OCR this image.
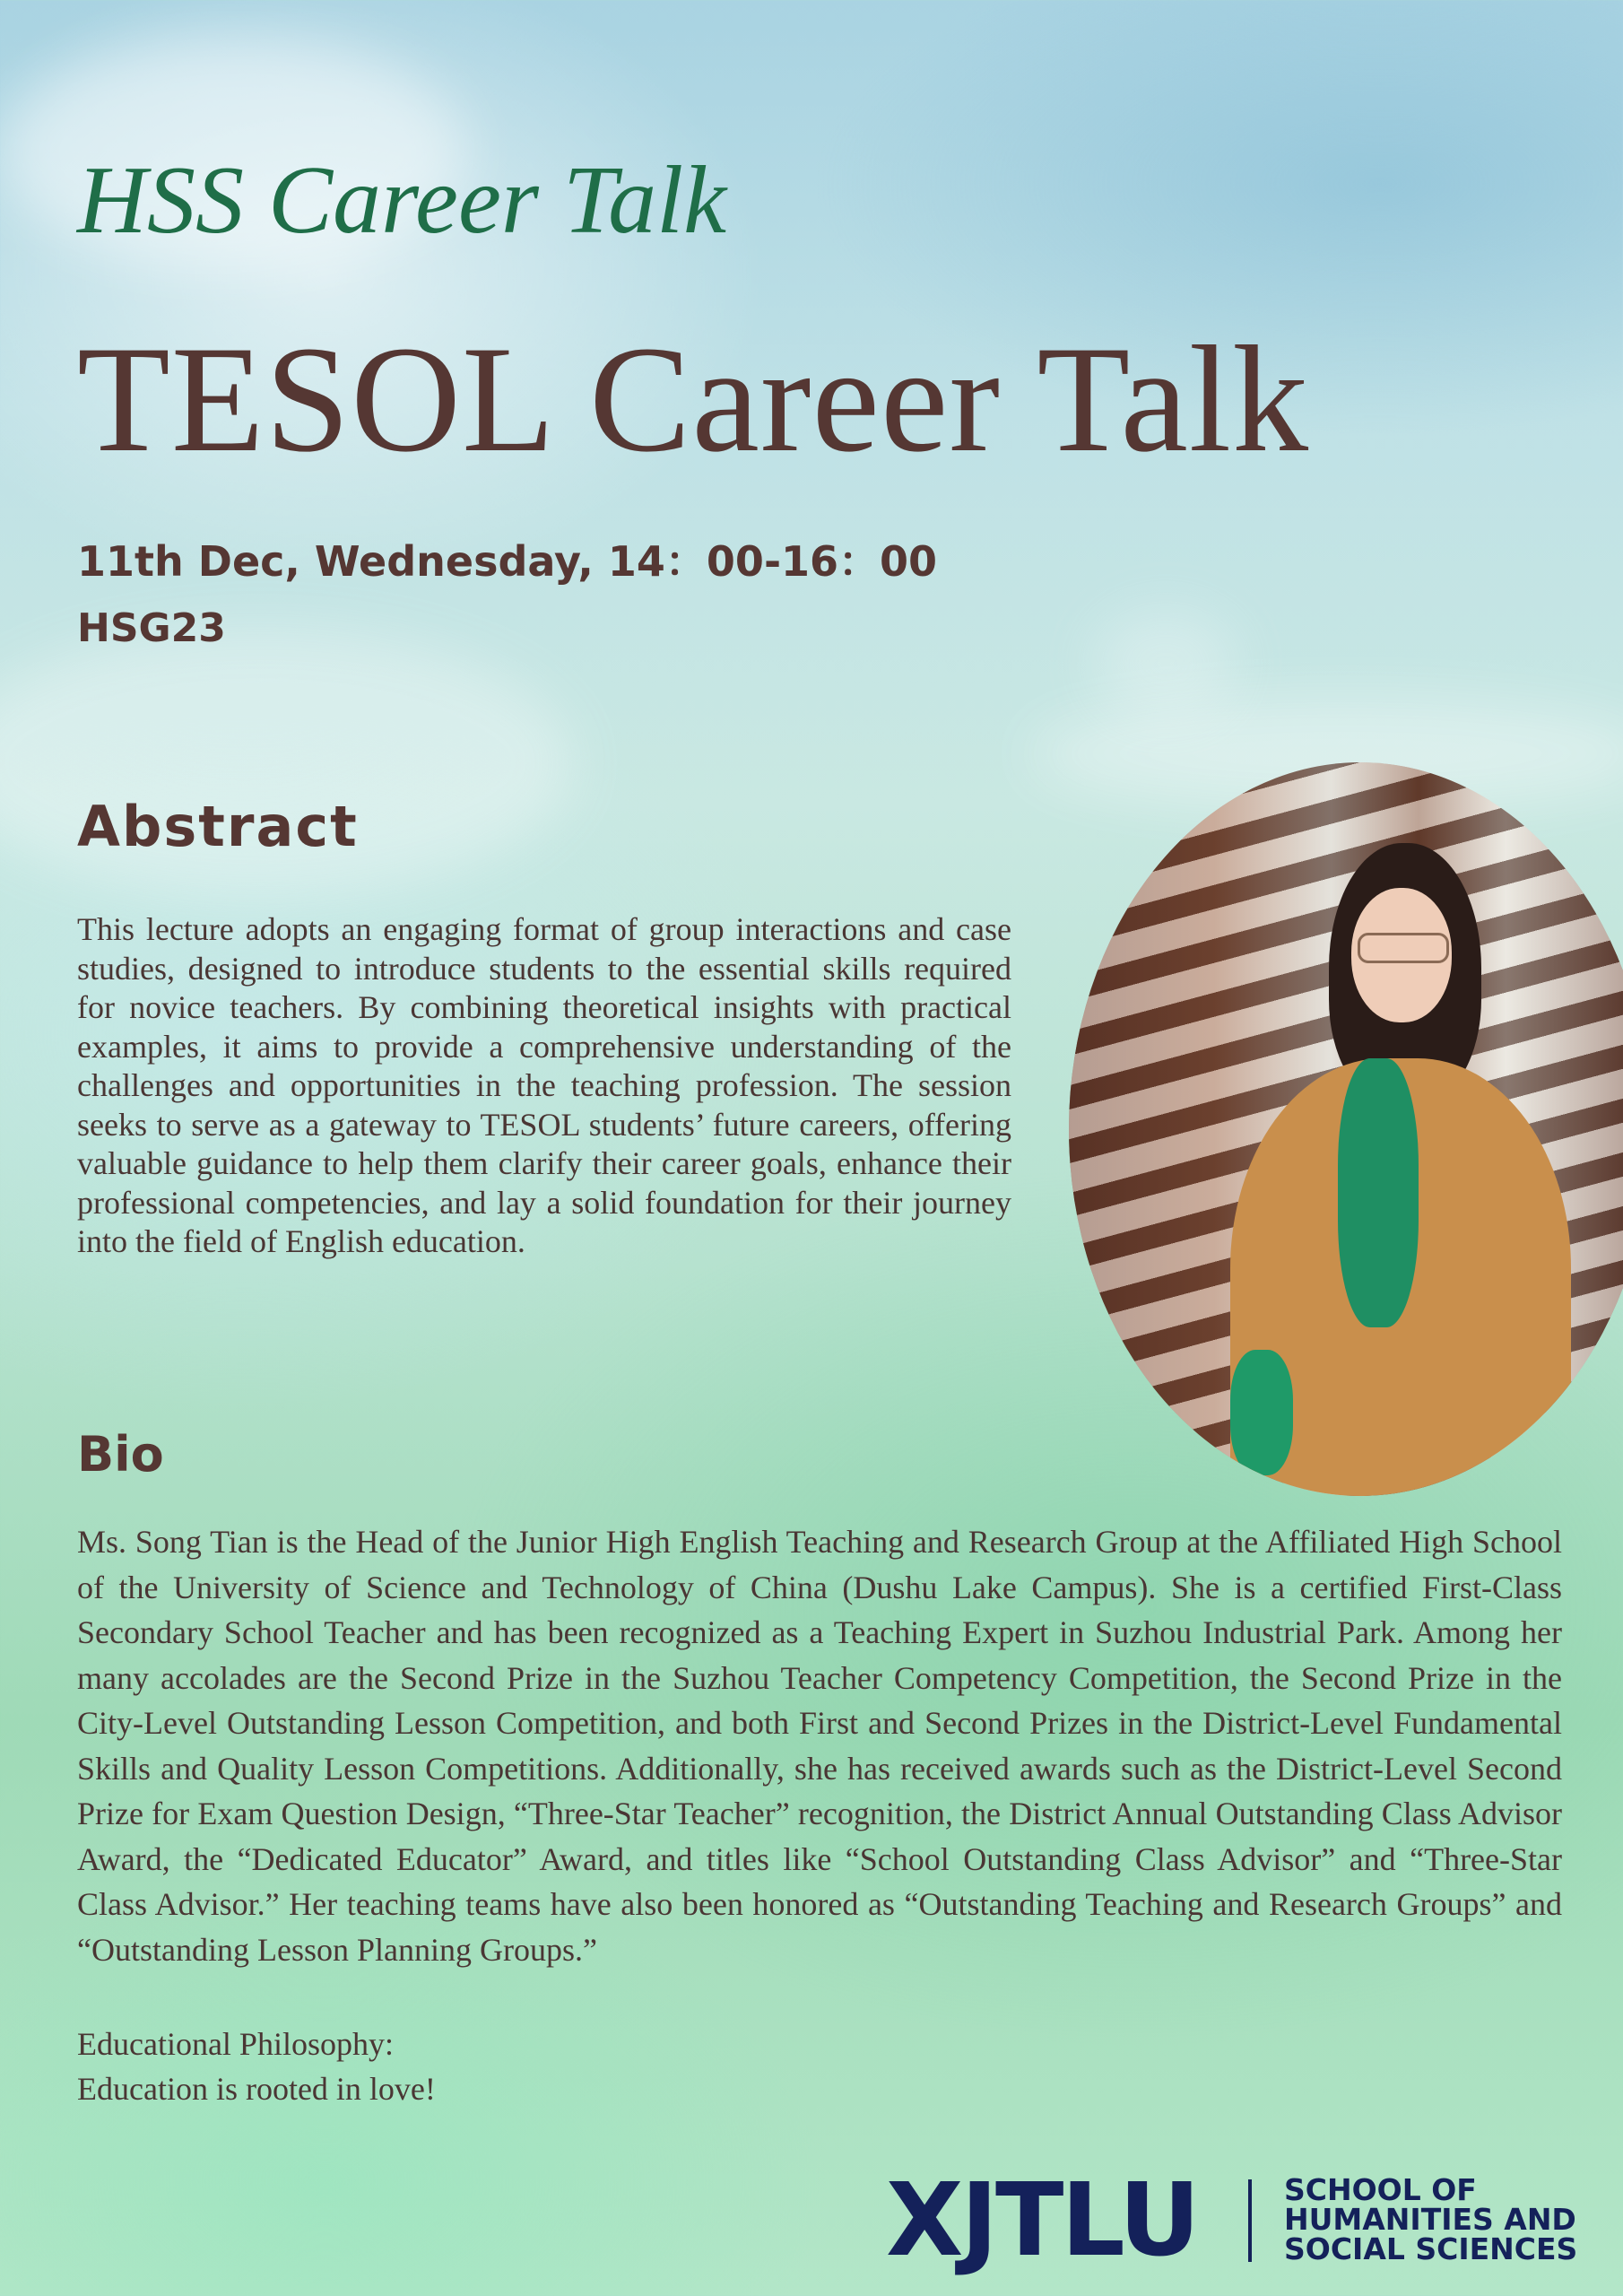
HSS Career Talk
TESOL Career Talk
11th Dec, Wednesday, 14：00-16：00
HSG23
Abstract

This lecture adopts an engaging format of group interactions and case studies, designed to introduce students to the essential skills required for novice teachers. By combining theoretical insights with practical examples, it aims to provide a comprehensive understanding of the challenges and opportunities in the teaching profession. The session seeks to serve as a gateway to TESOL students’ future careers, offering valuable guidance to help them clarify their career goals, enhance their professional competencies, and lay a solid foundation for their journey into the field of English education.

Bio

Ms. Song Tian is the Head of the Junior High English Teaching and Research Group at the Affiliated High School of the University of Science and Technology of China (Dushu Lake Campus). She is a certified First-Class Secondary School Teacher and has been recognized as a Teaching Expert in Suzhou Industrial Park. Among her many accolades are the Second Prize in the Suzhou Teacher Competency Competition, the Second Prize in the City-Level Outstanding Lesson Competition, and both First and Second Prizes in the District-Level Fundamental Skills and Quality Lesson Competitions. Additionally, she has received awards such as the District-Level Second Prize for Exam Question Design, “Three-Star Teacher” recognition, the District Annual Outstanding Class Advisor Award, the “Dedicated Educator” Award, and titles like “School Outstanding Class Advisor” and “Three-Star Class Advisor.” Her teaching teams have also been honored as “Outstanding Teaching and Research Groups” and “Outstanding Lesson Planning Groups.”

Educational Philosophy:
Education is rooted in love!
XJTLU	SCHOOL OF
HUMANITIES AND
SOCIAL SCIENCES
